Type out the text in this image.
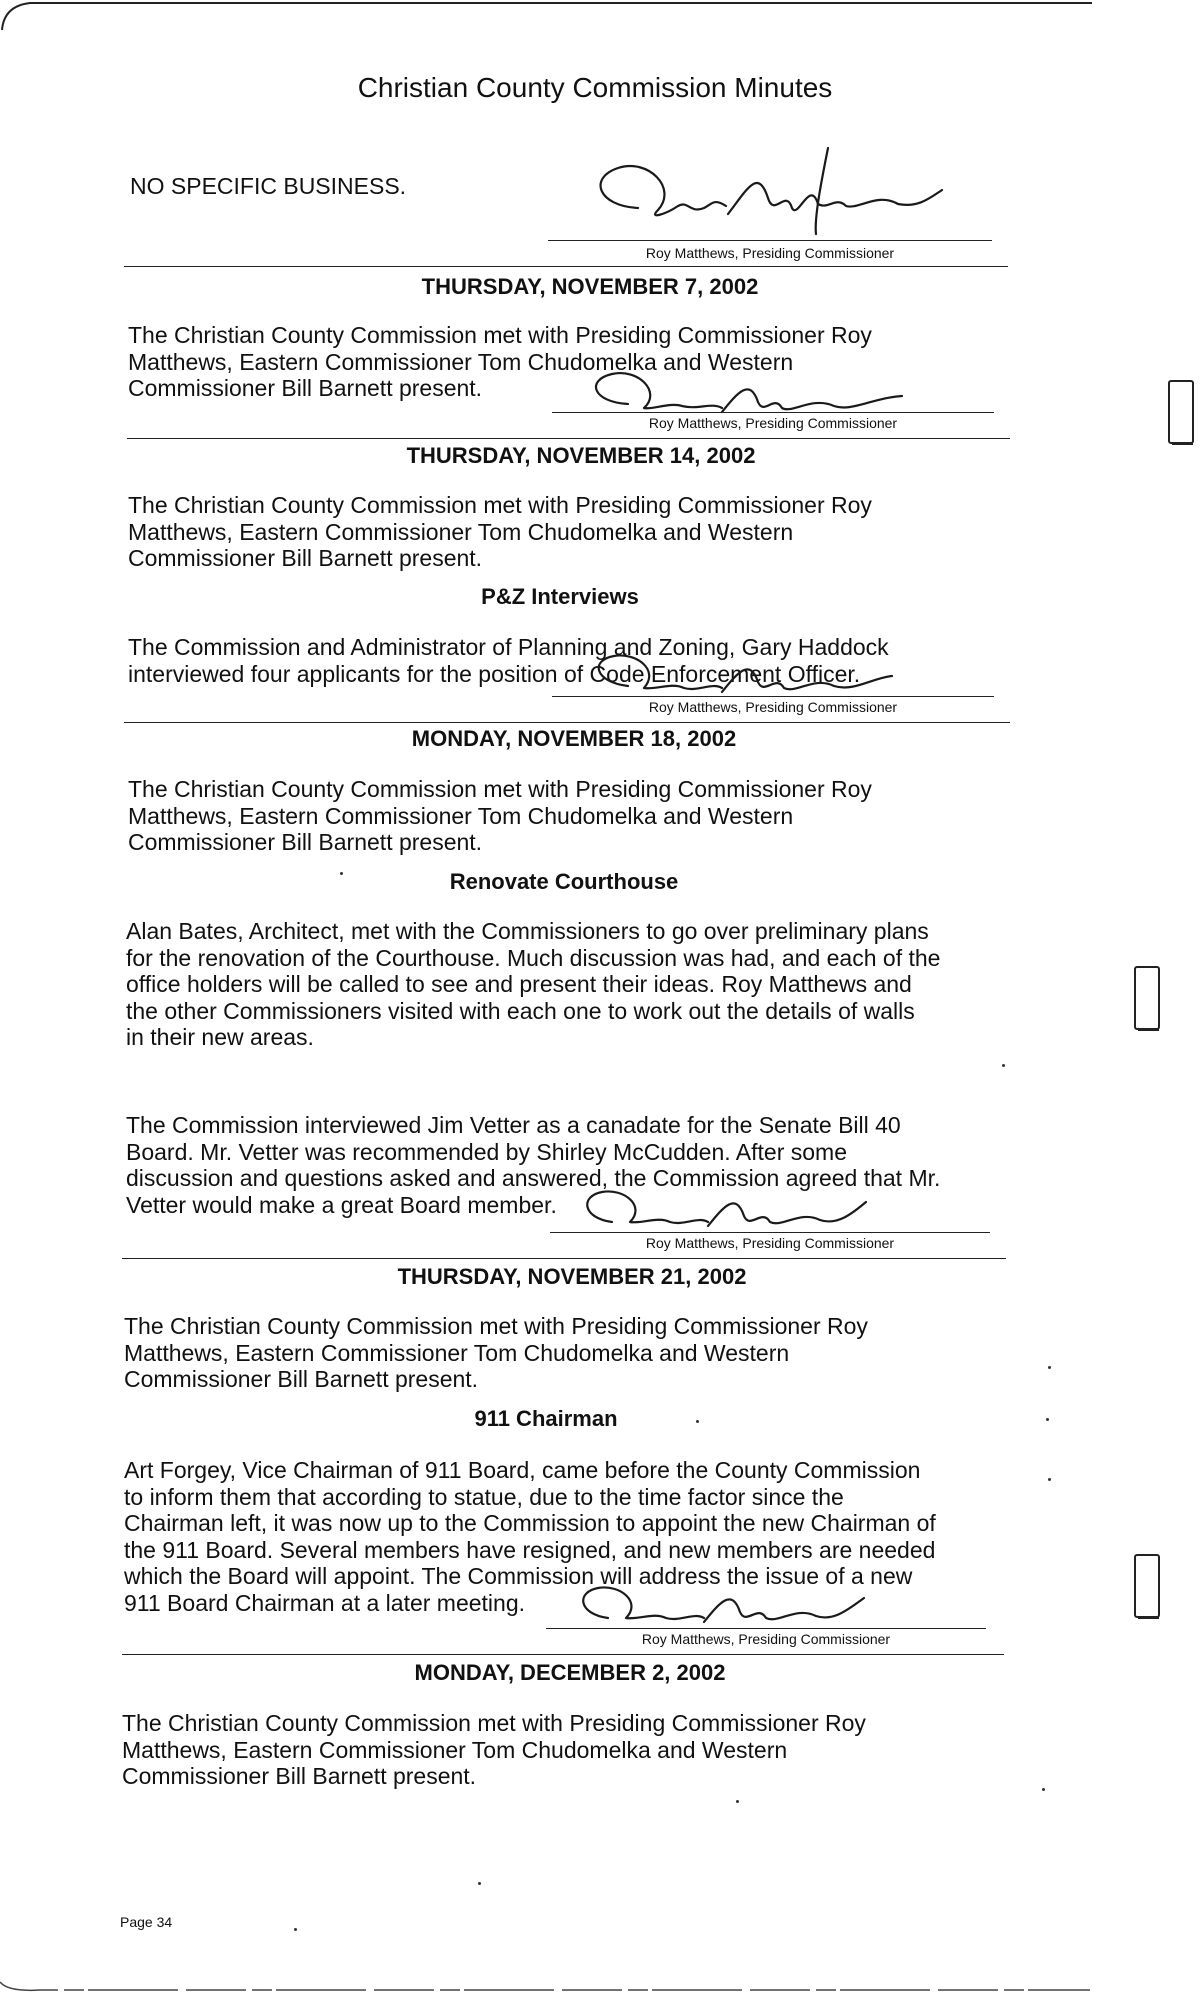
Christian County Commission Minutes
NO SPECIFIC BUSINESS.
Roy Matthews, Presiding Commissioner
THURSDAY, NOVEMBER 7, 2002
The Christian County Commission met with Presiding Commissioner Roy
Matthews, Eastern Commissioner Tom Chudomelka and Western
Commissioner Bill Barnett present.
Roy Matthews, Presiding Commissioner
THURSDAY, NOVEMBER 14, 2002
The Christian County Commission met with Presiding Commissioner Roy
Matthews, Eastern Commissioner Tom Chudomelka and Western
Commissioner Bill Barnett present.
P&Z Interviews
The Commission and Administrator of Planning and Zoning, Gary Haddock
interviewed four applicants for the position of Code Enforcement Officer.
Roy Matthews, Presiding Commissioner
MONDAY, NOVEMBER 18, 2002
The Christian County Commission met with Presiding Commissioner Roy
Matthews, Eastern Commissioner Tom Chudomelka and Western
Commissioner Bill Barnett present.
Renovate Courthouse
Alan Bates, Architect, met with the Commissioners to go over preliminary plans
for the renovation of the Courthouse. Much discussion was had, and each of the
office holders will be called to see and present their ideas. Roy Matthews and
the other Commissioners visited with each one to work out the details of walls
in their new areas.
The Commission interviewed Jim Vetter as a canadate for the Senate Bill 40
Board. Mr. Vetter was recommended by Shirley McCudden. After some
discussion and questions asked and answered, the Commission agreed that Mr.
Vetter would make a great Board member.
Roy Matthews, Presiding Commissioner
THURSDAY, NOVEMBER 21, 2002
The Christian County Commission met with Presiding Commissioner Roy
Matthews, Eastern Commissioner Tom Chudomelka and Western
Commissioner Bill Barnett present.
911 Chairman
Art Forgey, Vice Chairman of 911 Board, came before the County Commission
to inform them that according to statue, due to the time factor since the
Chairman left, it was now up to the Commission to appoint the new Chairman of
the 911 Board. Several members have resigned, and new members are needed
which the Board will appoint. The Commission will address the issue of a new
911 Board Chairman at a later meeting.
Roy Matthews, Presiding Commissioner
MONDAY, DECEMBER 2, 2002
The Christian County Commission met with Presiding Commissioner Roy
Matthews, Eastern Commissioner Tom Chudomelka and Western
Commissioner Bill Barnett present.
Page 34
